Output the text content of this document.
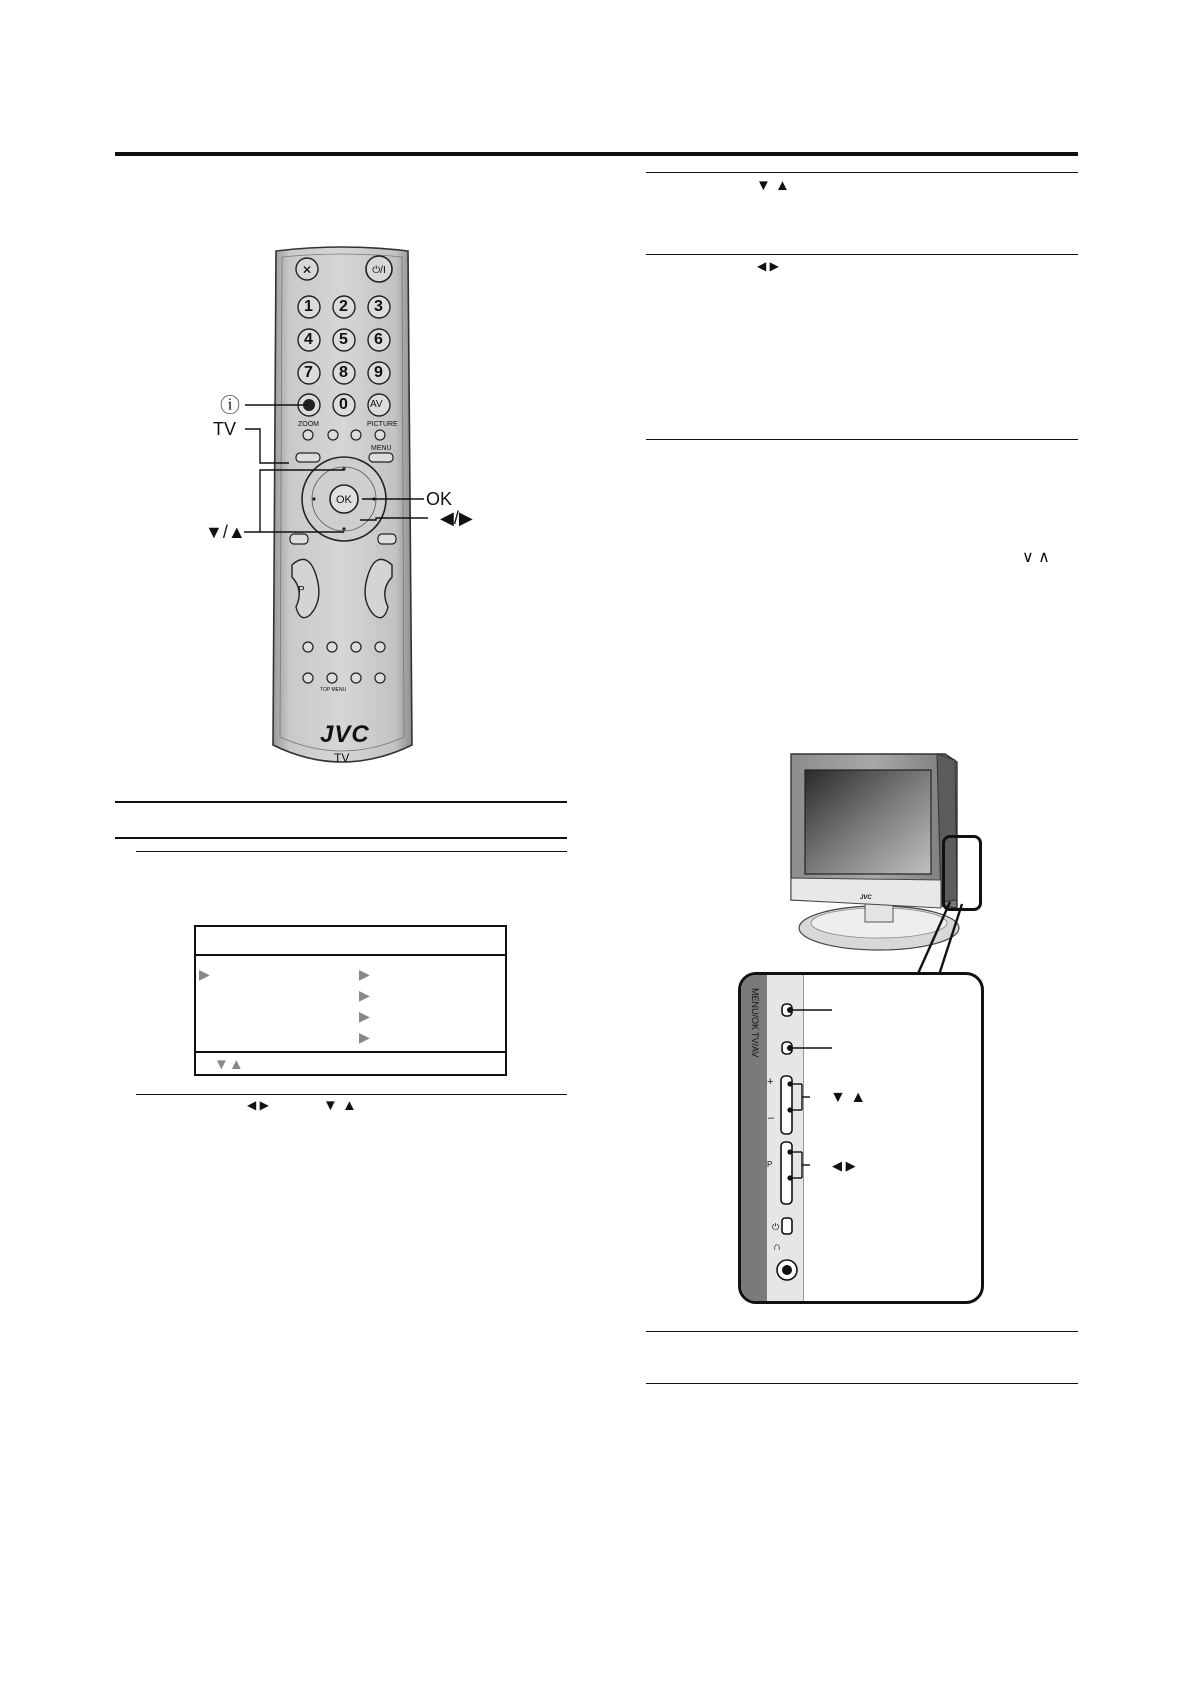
▼ ▲
◀ ▶
∨ ∧
✕	⏻/I
1 2 3
4 5 6
7 8 9
0 AV
ZOOM	PICTURE
MENU
OK
P
TOP MENU
JVC
TV
ⓘ
TV
▼/▲
OK
◀/▶
▶	▶
▶
▶
▶
▼▲
◀ ▶	▼ ▲
JVC
⏻
∩
MENU/OK
TV/AV
+
–
P
▼ ▲
◀ ▶
